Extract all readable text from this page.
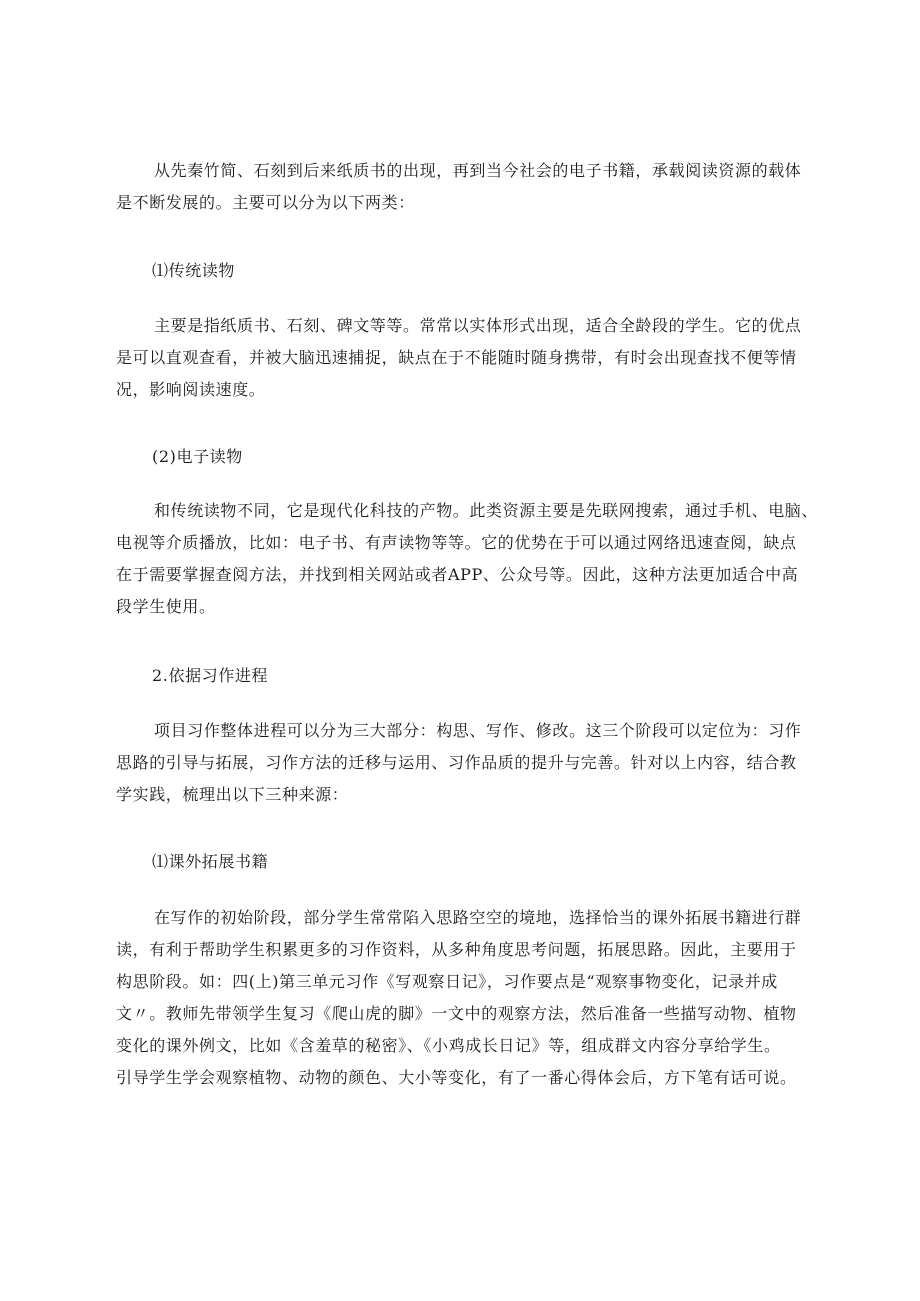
从先秦竹简、石刻到后来纸质书的出现，再到当今社会的电子书籍，承载阅读资源的载体
是不断发展的。主要可以分为以下两类：
⑴传统读物
主要是指纸质书、石刻、碑文等等。常常以实体形式出现，适合全龄段的学生。它的优点
是可以直观查看，并被大脑迅速捕捉，缺点在于不能随时随身携带，有时会出现查找不便等情
况，影响阅读速度。
(2)电子读物
和传统读物不同，它是现代化科技的产物。此类资源主要是先联网搜索，通过手机、电脑、
电视等介质播放，比如：电子书、有声读物等等。它的优势在于可以通过网络迅速查阅，缺点
在于需要掌握查阅方法，并找到相关网站或者APP、公众号等。因此，这种方法更加适合中高
段学生使用。
2.依据习作进程
项目习作整体进程可以分为三大部分：构思、写作、修改。这三个阶段可以定位为：习作
思路的引导与拓展，习作方法的迁移与运用、习作品质的提升与完善。针对以上内容，结合教
学实践，梳理出以下三种来源：
⑴课外拓展书籍
在写作的初始阶段，部分学生常常陷入思路空空的境地，选择恰当的课外拓展书籍进行群
读，有利于帮助学生积累更多的习作资料，从多种角度思考问题，拓展思路。因此，主要用于
构思阶段。如：四(上)第三单元习作《写观察日记》，习作要点是“观察事物变化，记录并成
文〃。教师先带领学生复习《爬山虎的脚》一文中的观察方法，然后准备一些描写动物、植物
变化的课外例文，比如《含羞草的秘密》、《小鸡成长日记》等，组成群文内容分享给学生。
引导学生学会观察植物、动物的颜色、大小等变化，有了一番心得体会后，方下笔有话可说。
